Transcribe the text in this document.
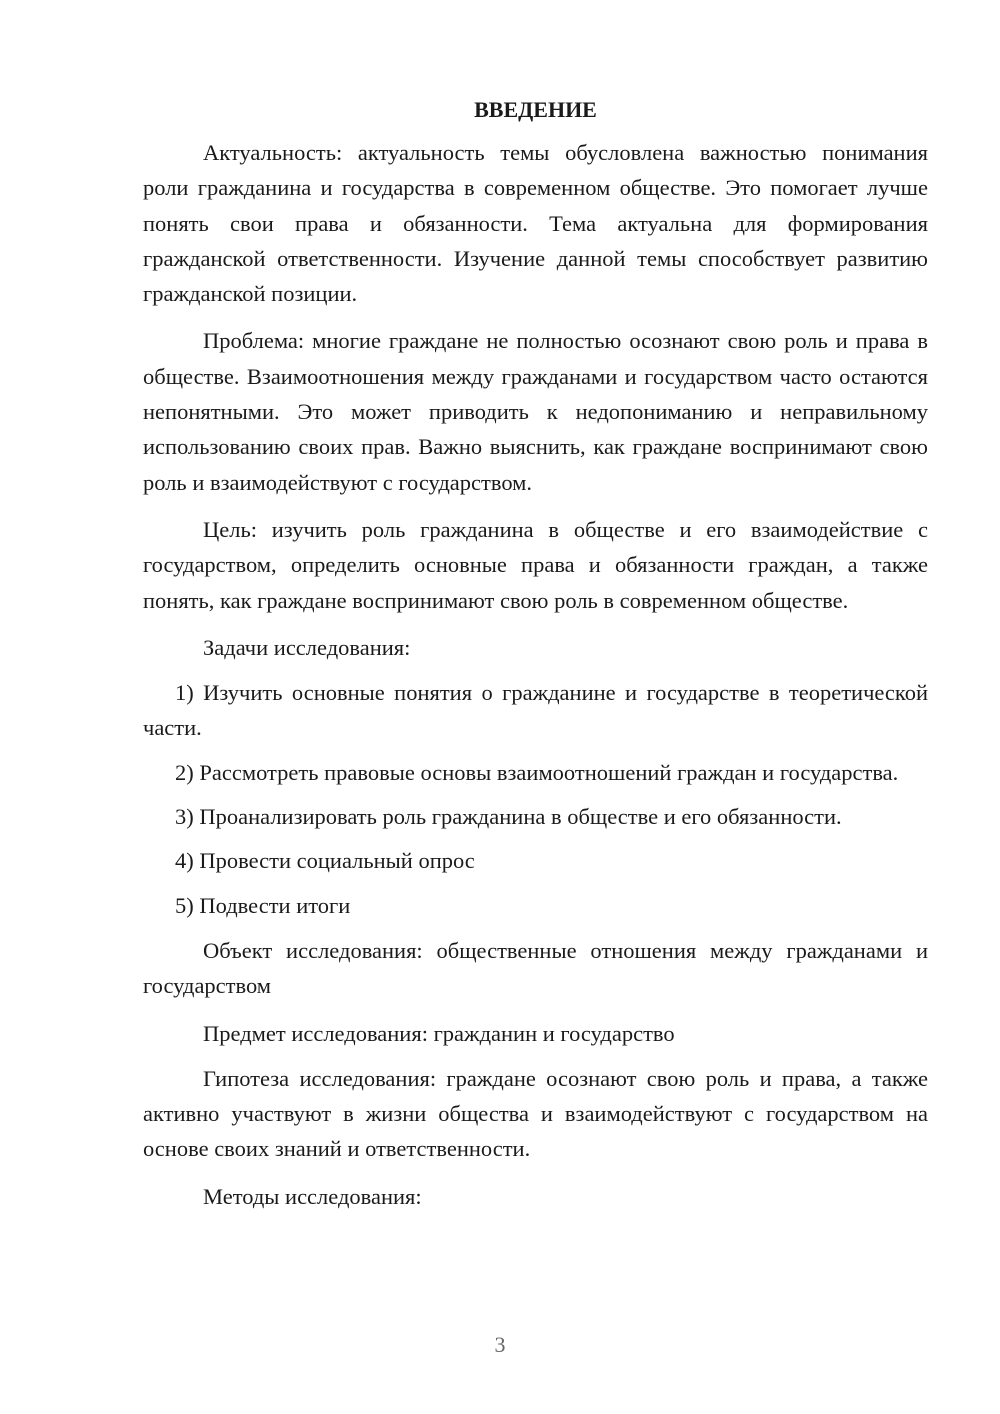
ВВЕДЕНИЕ

Актуальность: актуальность темы обусловлена важностью понимания роли гражданина и государства в современном обществе. Это помогает лучше понять свои права и обязанности. Тема актуальна для формирования гражданской ответственности. Изучение данной темы способствует развитию гражданской позиции.

Проблема: многие граждане не полностью осознают свою роль и права в обществе. Взаимоотношения между гражданами и государством часто остаются непонятными. Это может приводить к недопониманию и неправильному использованию своих прав. Важно выяснить, как граждане воспринимают свою роль и взаимодействуют с государством.

Цель: изучить роль гражданина в обществе и его взаимодействие с государством, определить основные права и обязанности граждан, а также понять, как граждане воспринимают свою роль в современном обществе.

Задачи исследования:

1) Изучить основные понятия о гражданине и государстве в теоретической части.

2) Рассмотреть правовые основы взаимоотношений граждан и государства.

3) Проанализировать роль гражданина в обществе и его обязанности.

4) Провести социальный опрос

5) Подвести итоги

Объект исследования: общественные отношения между гражданами и государством

Предмет исследования: гражданин и государство

Гипотеза исследования: граждане осознают свою роль и права, а также активно участвуют в жизни общества и взаимодействуют с государством на основе своих знаний и ответственности.

Методы исследования:

3
